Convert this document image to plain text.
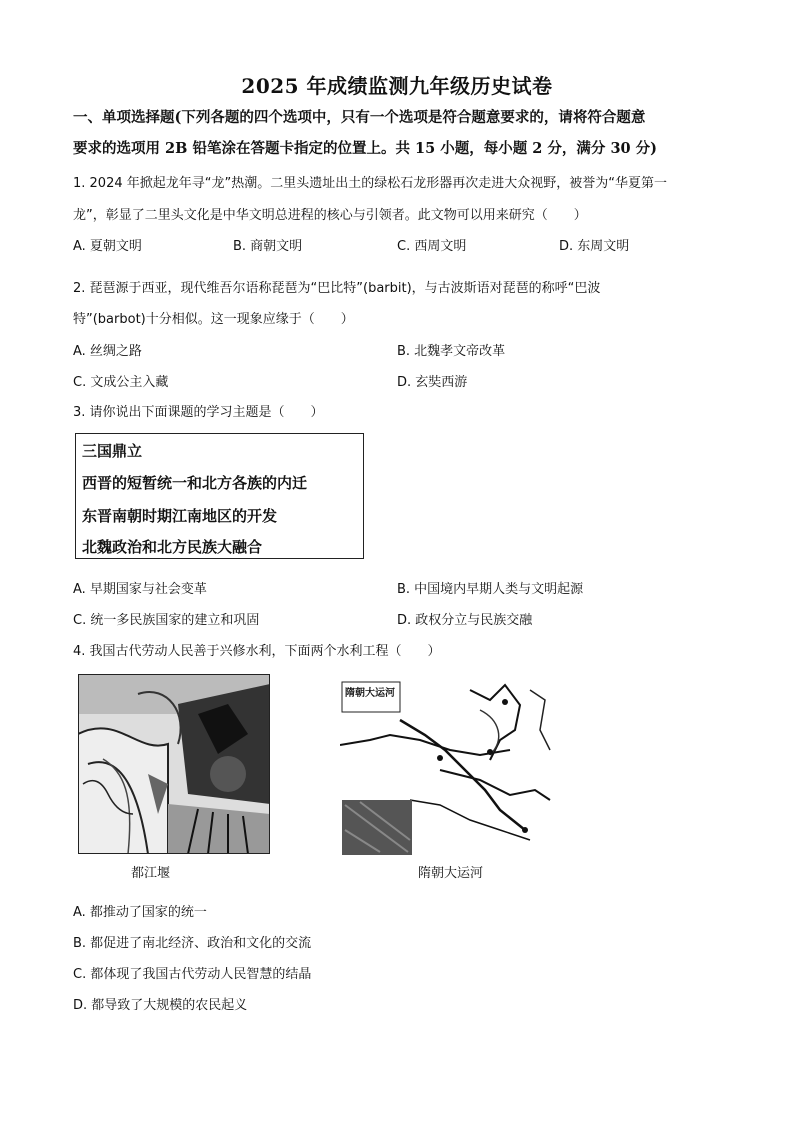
2025 年成绩监测九年级历史试卷
一、单项选择题(下列各题的四个选项中，只有一个选项是符合题意要求的，请将符合题意
要求的选项用 2B 铅笔涂在答题卡指定的位置上。共 15 小题，每小题 2 分，满分 30 分)
1. 2024 年掀起龙年寻“龙”热潮。二里头遗址出土的绿松石龙形器再次走进大众视野，被誉为“华夏第一
龙”，彰显了二里头文化是中华文明总进程的核心与引领者。此文物可以用来研究（　　）
A. 夏朝文明	B. 商朝文明	C. 西周文明	D. 东周文明
2. 琵琶源于西亚，现代维吾尔语称琵琶为“巴比特”(barbit)，与古波斯语对琵琶的称呼“巴波
特”(barbot)十分相似。这一现象应缘于（　　）
A. 丝绸之路	B. 北魏孝文帝改革
C. 文成公主入藏	D. 玄奘西游
3. 请你说出下面课题的学习主题是（　　）
三国鼎立
西晋的短暂统一和北方各族的内迁
东晋南朝时期江南地区的开发
北魏政治和北方民族大融合
A. 早期国家与社会变革	B. 中国境内早期人类与文明起源
C. 统一多民族国家的建立和巩固	D. 政权分立与民族交融
4. 我国古代劳动人民善于兴修水利，下面两个水利工程（　　）
都江堰
隋朝大运河
隋朝大运河
A. 都推动了国家的统一
B. 都促进了南北经济、政治和文化的交流
C. 都体现了我国古代劳动人民智慧的结晶
D. 都导致了大规模的农民起义
